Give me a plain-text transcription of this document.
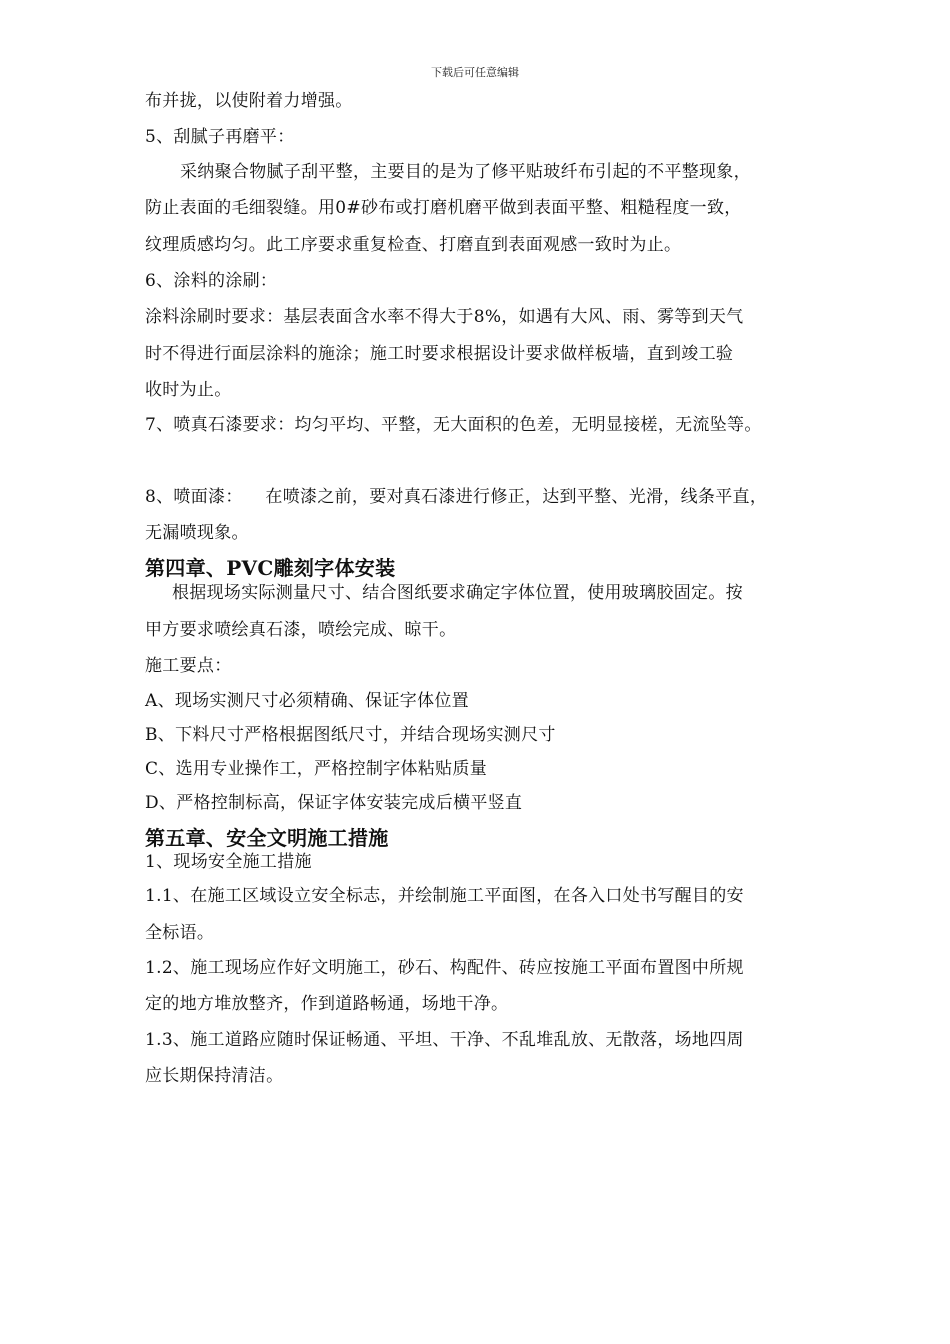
下载后可任意编辑
布并拢，以使附着力增强。
5、刮腻子再磨平：
采纳聚合物腻子刮平整，主要目的是为了修平贴玻纤布引起的不平整现象，
防止表面的毛细裂缝。用0#砂布或打磨机磨平做到表面平整、粗糙程度一致，
纹理质感均匀。此工序要求重复检查、打磨直到表面观感一致时为止。
6、涂料的涂刷：
涂料涂刷时要求：基层表面含水率不得大于8%，如遇有大风、雨、雾等到天气
时不得进行面层涂料的施涂；施工时要求根据设计要求做样板墙，直到竣工验
收时为止。
7、喷真石漆要求：均匀平均、平整，无大面积的色差，无明显接槎，无流坠等。
8、喷面漆：    在喷漆之前，要对真石漆进行修正，达到平整、光滑，线条平直，
无漏喷现象。
第四章、PVC雕刻字体安装
根据现场实际测量尺寸、结合图纸要求确定字体位置，使用玻璃胶固定。按
甲方要求喷绘真石漆，喷绘完成、晾干。
施工要点：
A、现场实测尺寸必须精确、保证字体位置
B、下料尺寸严格根据图纸尺寸，并结合现场实测尺寸
C、选用专业操作工，严格控制字体粘贴质量
D、严格控制标高，保证字体安装完成后横平竖直
第五章、安全文明施工措施
1、现场安全施工措施
1.1、在施工区域设立安全标志，并绘制施工平面图，在各入口处书写醒目的安
全标语。
1.2、施工现场应作好文明施工，砂石、构配件、砖应按施工平面布置图中所规
定的地方堆放整齐，作到道路畅通，场地干净。
1.3、施工道路应随时保证畅通、平坦、干净、不乱堆乱放、无散落，场地四周
应长期保持清洁。
